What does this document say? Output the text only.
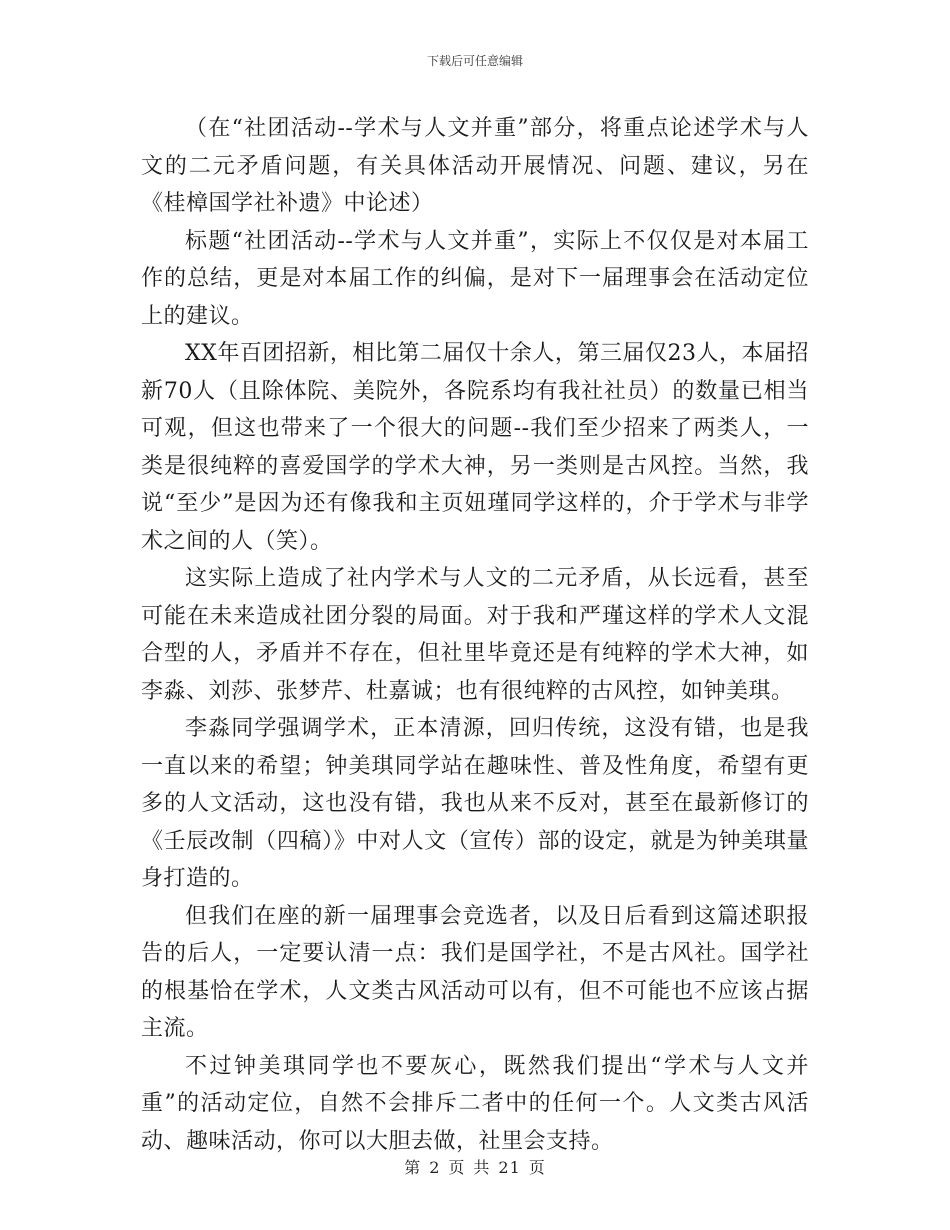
下载后可任意编辑

（在“社团活动--学术与人文并重”部分，将重点论述学术与人文的二元矛盾问题，有关具体活动开展情况、问题、建议，另在《桂樟国学社补遗》中论述）

标题“社团活动--学术与人文并重”，实际上不仅仅是对本届工作的总结，更是对本届工作的纠偏，是对下一届理事会在活动定位上的建议。

XX年百团招新，相比第二届仅十余人，第三届仅23人，本届招新70人（且除体院、美院外，各院系均有我社社员）的数量已相当可观，但这也带来了一个很大的问题--我们至少招来了两类人，一类是很纯粹的喜爱国学的学术大神，另一类则是古风控。当然，我说“至少”是因为还有像我和主页妞瑾同学这样的，介于学术与非学术之间的人（笑）。

这实际上造成了社内学术与人文的二元矛盾，从长远看，甚至可能在未来造成社团分裂的局面。对于我和严瑾这样的学术人文混合型的人，矛盾并不存在，但社里毕竟还是有纯粹的学术大神，如李淼、刘莎、张梦芹、杜嘉诚；也有很纯粹的古风控，如钟美琪。

李淼同学强调学术，正本清源，回归传统，这没有错，也是我一直以来的希望；钟美琪同学站在趣味性、普及性角度，希望有更多的人文活动，这也没有错，我也从来不反对，甚至在最新修订的《壬辰改制（四稿）》中对人文（宣传）部的设定，就是为钟美琪量身打造的。

但我们在座的新一届理事会竞选者，以及日后看到这篇述职报告的后人，一定要认清一点：我们是国学社，不是古风社。国学社的根基恰在学术，人文类古风活动可以有，但不可能也不应该占据主流。

不过钟美琪同学也不要灰心，既然我们提出“学术与人文并重”的活动定位，自然不会排斥二者中的任何一个。人文类古风活动、趣味活动，你可以大胆去做，社里会支持。

第 2 页 共 21 页
